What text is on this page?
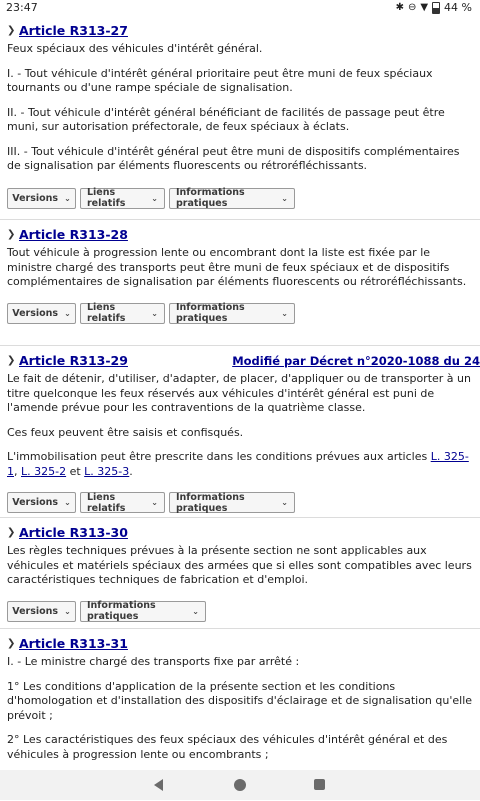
23:47	✱ ⊖ ▼ 44 %
❯ Article R313-27

Feux spéciaux des véhicules d'intérêt général.

I. - Tout véhicule d'intérêt général prioritaire peut être muni de feux spéciaux tournants ou d'une rampe spéciale de signalisation.

II. - Tout véhicule d'intérêt général bénéficiant de facilités de passage peut être muni, sur autorisation préfectorale, de feux spéciaux à éclats.

III. - Tout véhicule d'intérêt général peut être muni de dispositifs complémentaires de signalisation par éléments fluorescents ou rétroréfléchissants.

Versions ⌄ Liens relatifs	⌄ Informations pratiques	⌄
❯ Article R313-28

Tout véhicule à progression lente ou encombrant dont la liste est fixée par le ministre chargé des transports peut être muni de feux spéciaux et de dispositifs complémentaires de signalisation par éléments fluorescents ou rétroréfléchissants.

Versions ⌄ Liens relatifs	⌄ Informations pratiques	⌄
❯ Article R313-29	Modifié par Décret n°2020-1088 du 24

Le fait de détenir, d'utiliser, d'adapter, de placer, d'appliquer ou de transporter à un titre quelconque les feux réservés aux véhicules d'intérêt général est puni de l'amende prévue pour les contraventions de la quatrième classe.

Ces feux peuvent être saisis et confisqués.

L'immobilisation peut être prescrite dans les conditions prévues aux articles L. 325-1, L. 325-2 et L. 325-3.

Versions ⌄ Liens relatifs	⌄ Informations pratiques	⌄
❯ Article R313-30

Les règles techniques prévues à la présente section ne sont applicables aux véhicules et matériels spéciaux des armées que si elles sont compatibles avec leurs caractéristiques techniques de fabrication et d'emploi.

Versions ⌄ Informations pratiques	⌄
❯ Article R313-31

I. - Le ministre chargé des transports fixe par arrêté :

1° Les conditions d'application de la présente section et les conditions d'homologation et d'installation des dispositifs d'éclairage et de signalisation qu'elle prévoit ;

2° Les caractéristiques des feux spéciaux des véhicules d'intérêt général et des véhicules à progression lente ou encombrants ;
